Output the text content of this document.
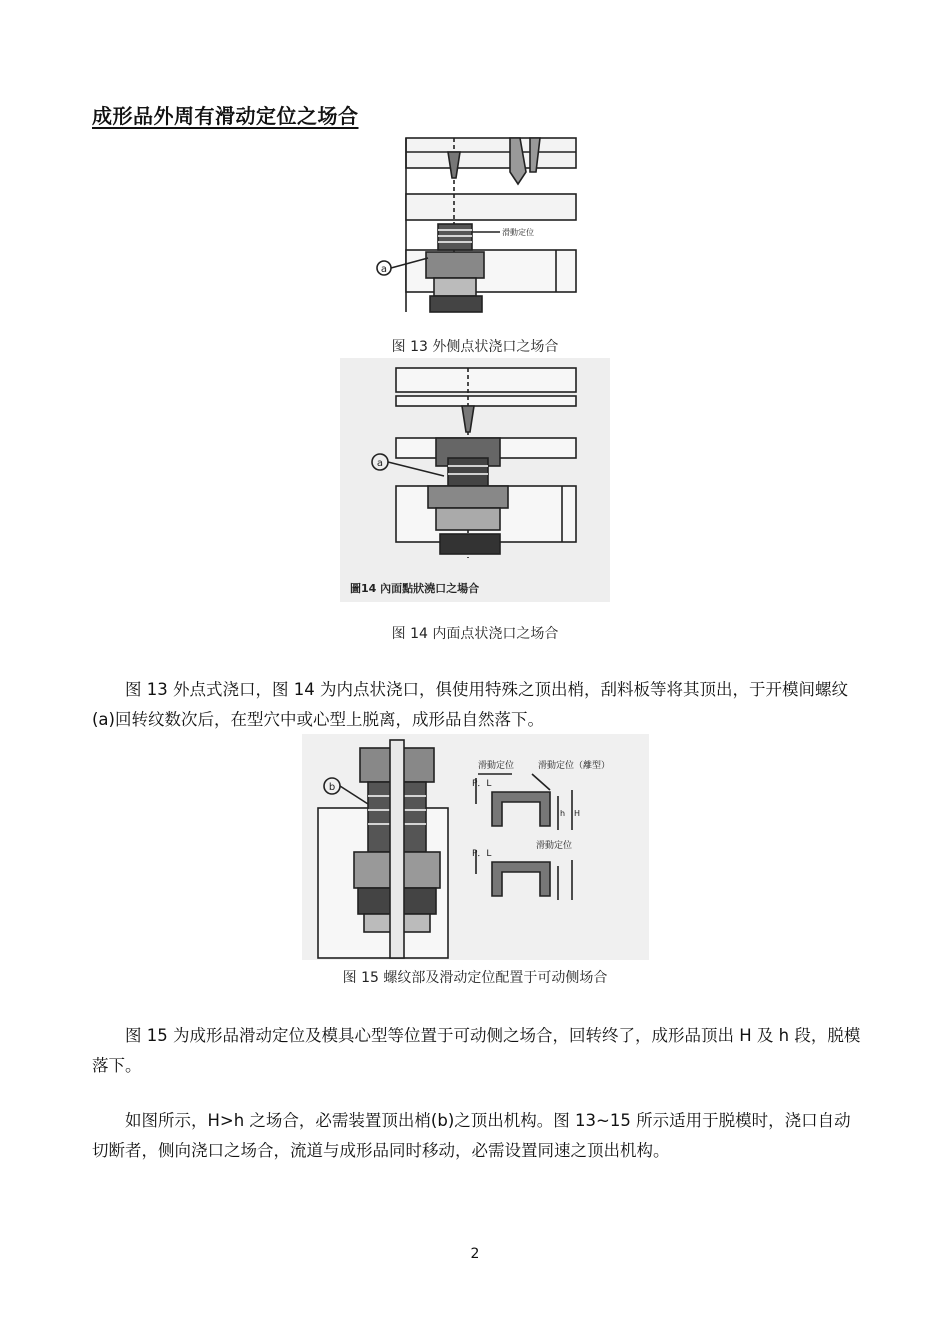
成形品外周有滑动定位之场合
a
滑動定位
图 13 外侧点状浇口之场合
a
圖14 內面點狀澆口之場合
图 14 内面点状浇口之场合

图 13 外点式浇口，图 14 为内点状浇口，俱使用特殊之顶出梢，刮料板等将其顶出，于开模间螺纹(a)回转纹数次后，在型穴中或心型上脱离，成形品自然落下。

b
滑動定位	滑動定位（離型）
P．L
P．L
滑動定位
h H
图 15 螺纹部及滑动定位配置于可动侧场合

图 15 为成形品滑动定位及模具心型等位置于可动侧之场合，回转终了，成形品顶出 H 及 h 段，脱模落下。

如图所示，H>h 之场合，必需装置顶出梢(b)之顶出机构。图 13~15 所示适用于脱模时，浇口自动切断者，侧向浇口之场合，流道与成形品同时移动，必需设置同速之顶出机构。

2
